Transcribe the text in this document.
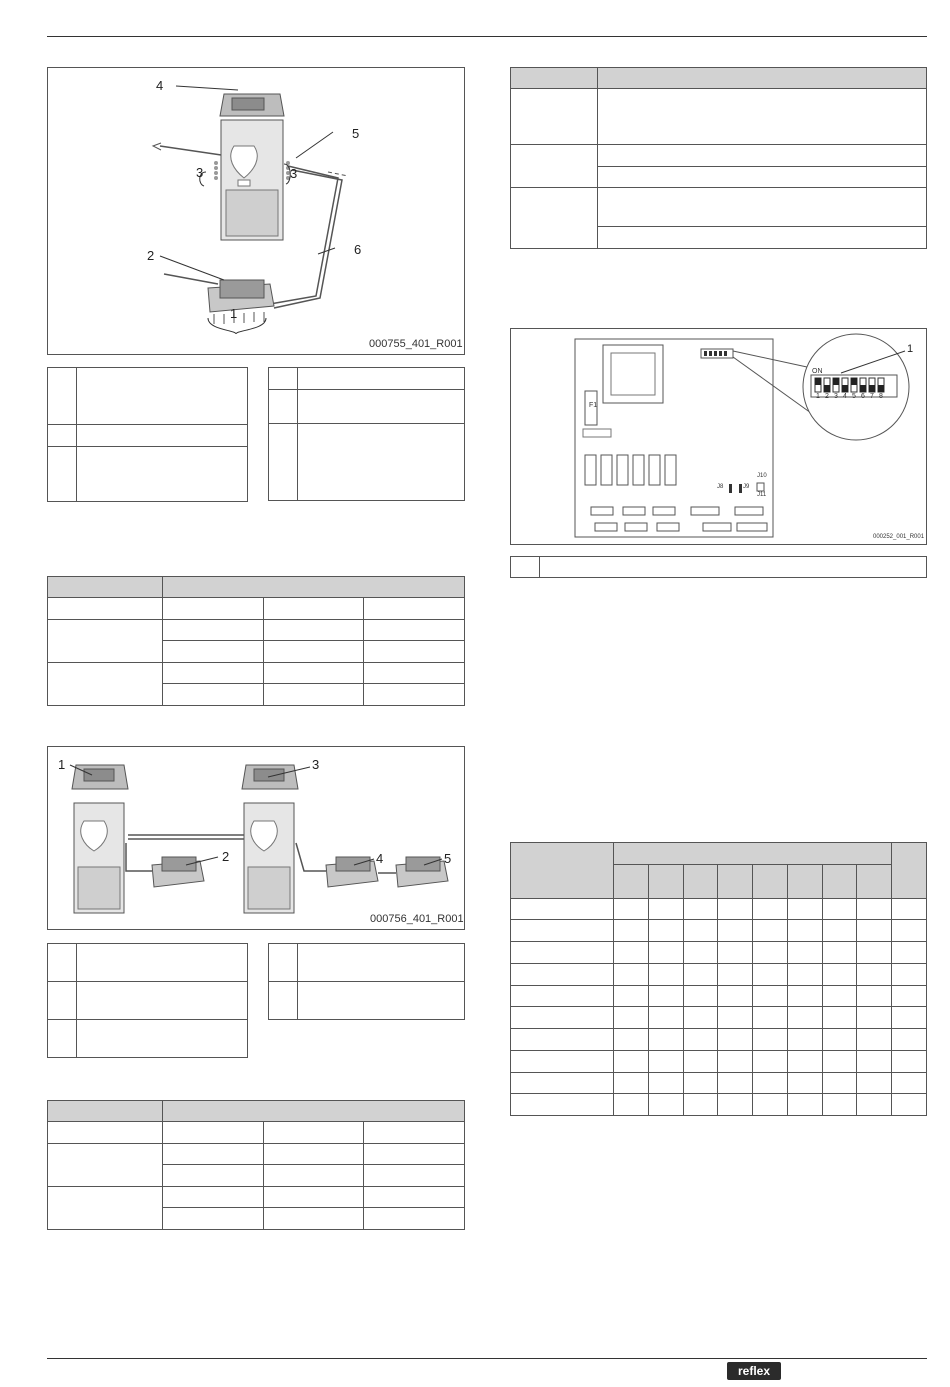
4
5
3	3
2	6
1
000755_401_R001

1	3
2	4	5
000756_401_R001

F1
J10
J11
J8	J9
ON
1 2 3 4 5 6 7 8
1
000252_001_R001

reflex
